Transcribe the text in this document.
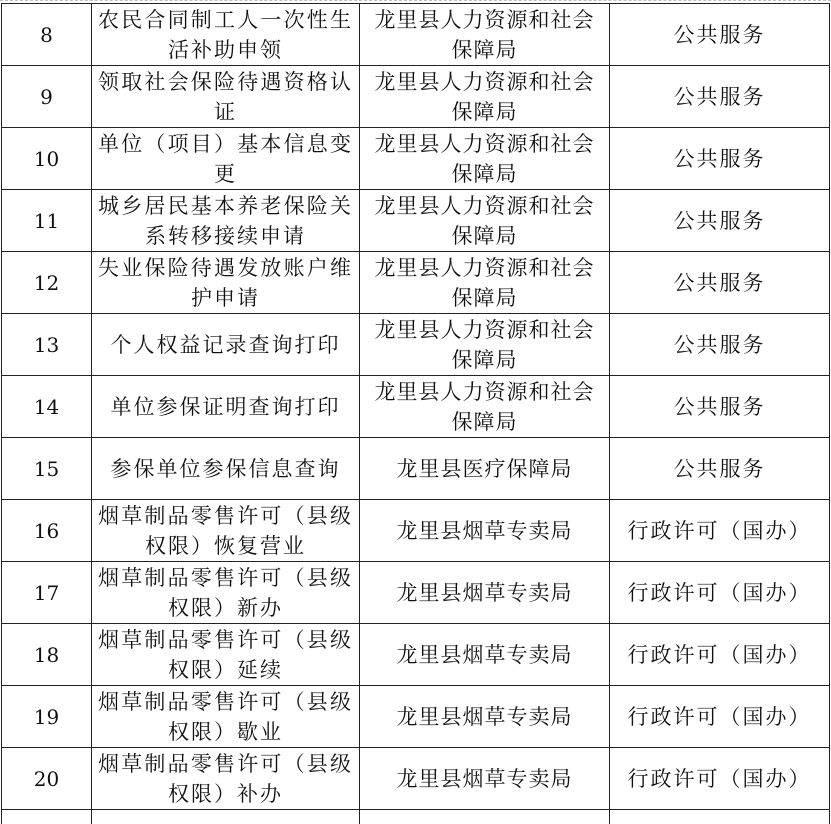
8	农民合同制工人一次性生活补助申领	龙里县人力资源和社会保障局	公共服务
9	领取社会保险待遇资格认证	龙里县人力资源和社会保障局	公共服务
10	单位（项目）基本信息变更	龙里县人力资源和社会保障局	公共服务
11	城乡居民基本养老保险关系转移接续申请	龙里县人力资源和社会保障局	公共服务
12	失业保险待遇发放账户维护申请	龙里县人力资源和社会保障局	公共服务
13	个人权益记录查询打印	龙里县人力资源和社会保障局	公共服务
14	单位参保证明查询打印	龙里县人力资源和社会保障局	公共服务
15	参保单位参保信息查询	龙里县医疗保障局	公共服务
16	烟草制品零售许可（县级权限）恢复营业	龙里县烟草专卖局	行政许可（国办）
17	烟草制品零售许可（县级权限）新办	龙里县烟草专卖局	行政许可（国办）
18	烟草制品零售许可（县级权限）延续	龙里县烟草专卖局	行政许可（国办）
19	烟草制品零售许可（县级权限）歇业	龙里县烟草专卖局	行政许可（国办）
20	烟草制品零售许可（县级权限）补办	龙里县烟草专卖局	行政许可（国办）
